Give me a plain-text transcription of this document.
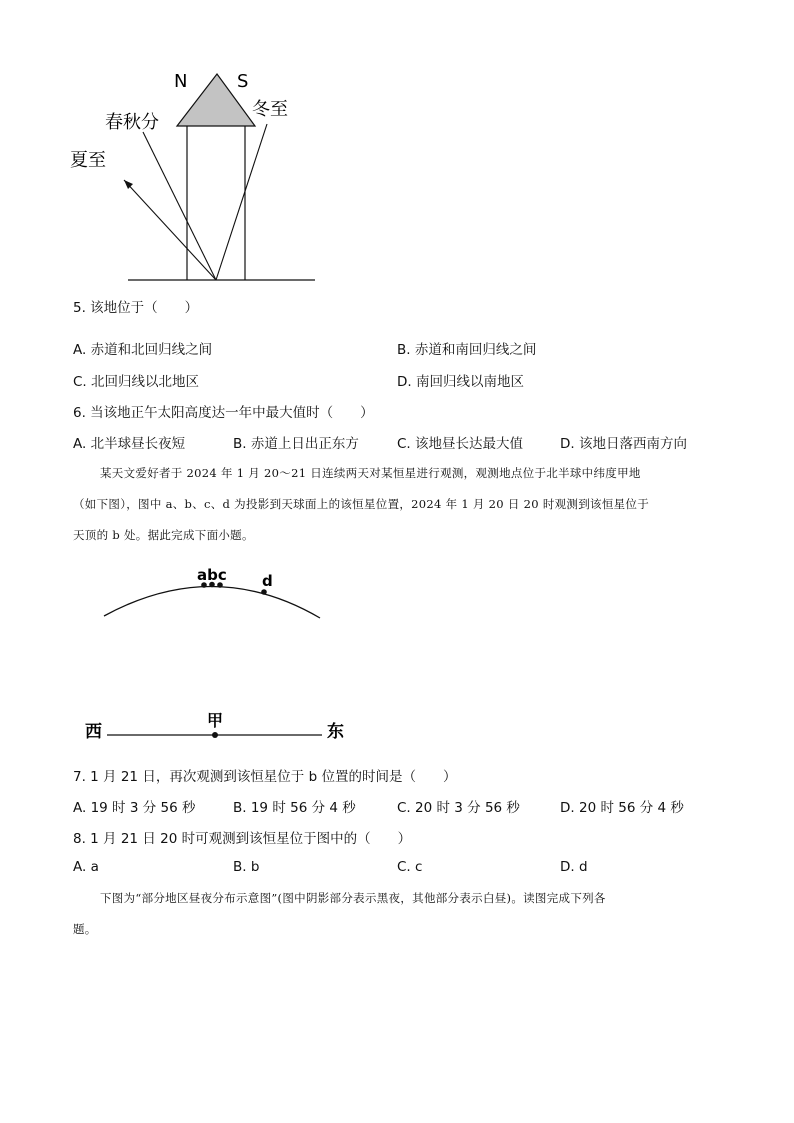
N	S
春秋分
冬至
夏至
5. 该地位于（　　）
A. 赤道和北回归线之间	B. 赤道和南回归线之间
C. 北回归线以北地区	D. 南回归线以南地区
6. 当该地正午太阳高度达一年中最大值时（　　）
A. 北半球昼长夜短	B. 赤道上日出正东方	C. 该地昼长达最大值	D. 该地日落西南方向
某天文爱好者于 2024 年 1 月 20～21 日连续两天对某恒星进行观测，观测地点位于北半球中纬度甲地
（如下图），图中 a、b、c、d 为投影到天球面上的该恒星位置，2024 年 1 月 20 日 20 时观测到该恒星位于
天顶的 b 处。据此完成下面小题。
abc d
西
甲
东
7. 1 月 21 日，再次观测到该恒星位于 b 位置的时间是（　　）
A. 19 时 3 分 56 秒	B. 19 时 56 分 4 秒	C. 20 时 3 分 56 秒	D. 20 时 56 分 4 秒
8. 1 月 21 日 20 时可观测到该恒星位于图中的（　　）
A. a	B. b	C. c	D. d
下图为“部分地区昼夜分布示意图”(图中阴影部分表示黑夜，其他部分表示白昼)。读图完成下列各
题。
